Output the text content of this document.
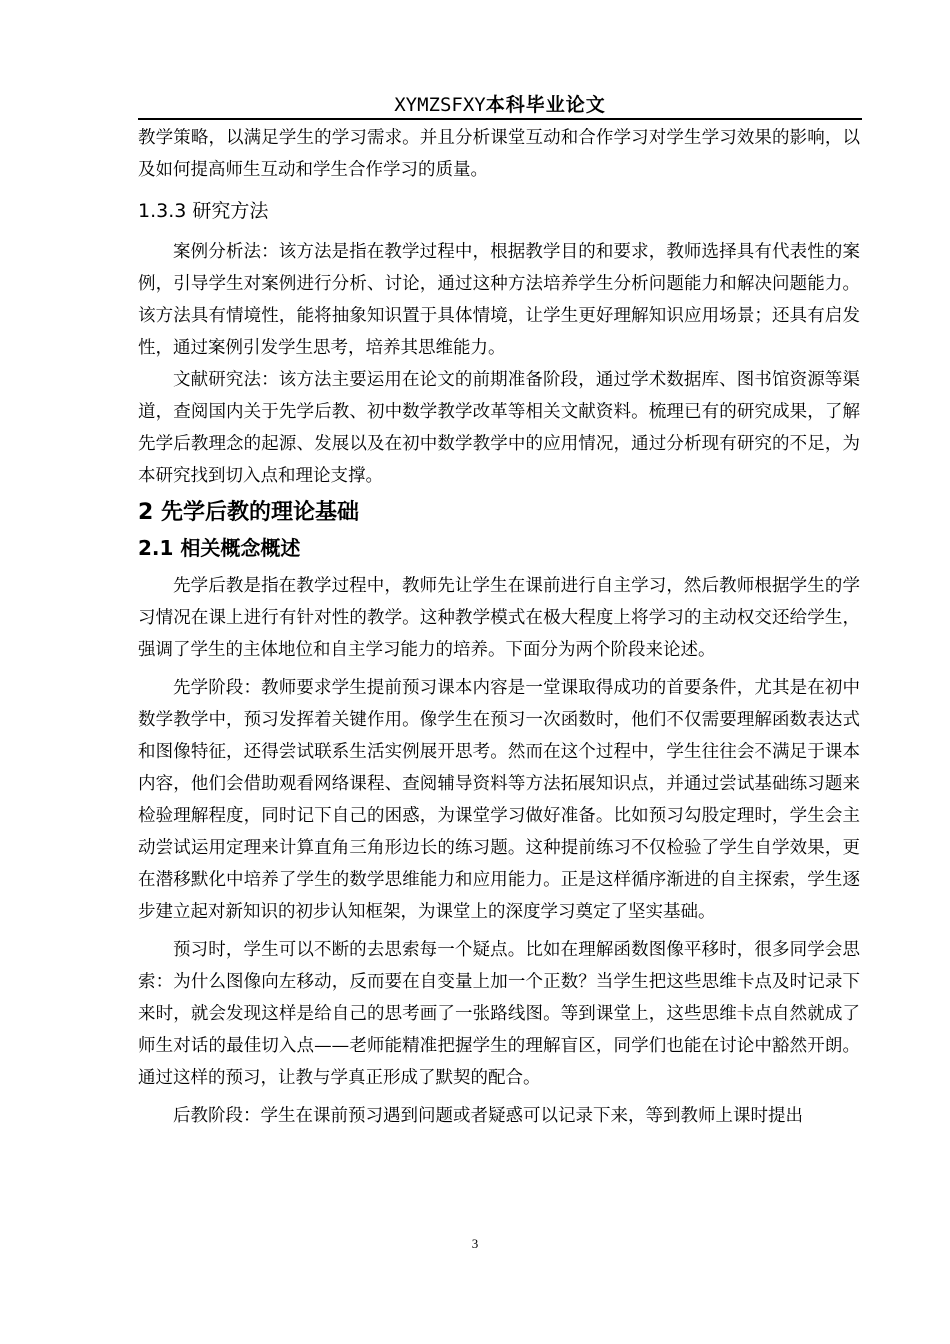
XYMZSFXY本科毕业论文

教学策略，以满足学生的学习需求。并且分析课堂互动和合作学习对学生学习效果的影响，以及如何提高师生互动和学生合作学习的质量。

1.3.3 研究方法

案例分析法：该方法是指在教学过程中，根据教学目的和要求，教师选择具有代表性的案例，引导学生对案例进行分析、讨论，通过这种方法培养学生分析问题能力和解决问题能力。该方法具有情境性，能将抽象知识置于具体情境，让学生更好理解知识应用场景；还具有启发性，通过案例引发学生思考，培养其思维能力。

文献研究法：该方法主要运用在论文的前期准备阶段，通过学术数据库、图书馆资源等渠道，查阅国内关于先学后教、初中数学教学改革等相关文献资料。梳理已有的研究成果，了解先学后教理念的起源、发展以及在初中数学教学中的应用情况，通过分析现有研究的不足，为本研究找到切入点和理论支撑。

2 先学后教的理论基础
2.1 相关概念概述

先学后教是指在教学过程中，教师先让学生在课前进行自主学习，然后教师根据学生的学习情况在课上进行有针对性的教学。这种教学模式在极大程度上将学习的主动权交还给学生，强调了学生的主体地位和自主学习能力的培养。下面分为两个阶段来论述。

先学阶段：教师要求学生提前预习课本内容是一堂课取得成功的首要条件，尤其是在初中数学教学中，预习发挥着关键作用。像学生在预习一次函数时，他们不仅需要理解函数表达式和图像特征，还得尝试联系生活实例展开思考。然而在这个过程中，学生往往会不满足于课本内容，他们会借助观看网络课程、查阅辅导资料等方法拓展知识点，并通过尝试基础练习题来检验理解程度，同时记下自己的困惑，为课堂学习做好准备。比如预习勾股定理时，学生会主动尝试运用定理来计算直角三角形边长的练习题。这种提前练习不仅检验了学生自学效果，更在潜移默化中培养了学生的数学思维能力和应用能力。正是这样循序渐进的自主探索，学生逐步建立起对新知识的初步认知框架，为课堂上的深度学习奠定了坚实基础。

预习时，学生可以不断的去思索每一个疑点。比如在理解函数图像平移时，很多同学会思索：为什么图像向左移动，反而要在自变量上加一个正数？当学生把这些思维卡点及时记录下来时，就会发现这样是给自己的思考画了一张路线图。等到课堂上，这些思维卡点自然就成了师生对话的最佳切入点——老师能精准把握学生的理解盲区，同学们也能在讨论中豁然开朗。通过这样的预习，让教与学真正形成了默契的配合。

后教阶段：学生在课前预习遇到问题或者疑惑可以记录下来，等到教师上课时提出

3
